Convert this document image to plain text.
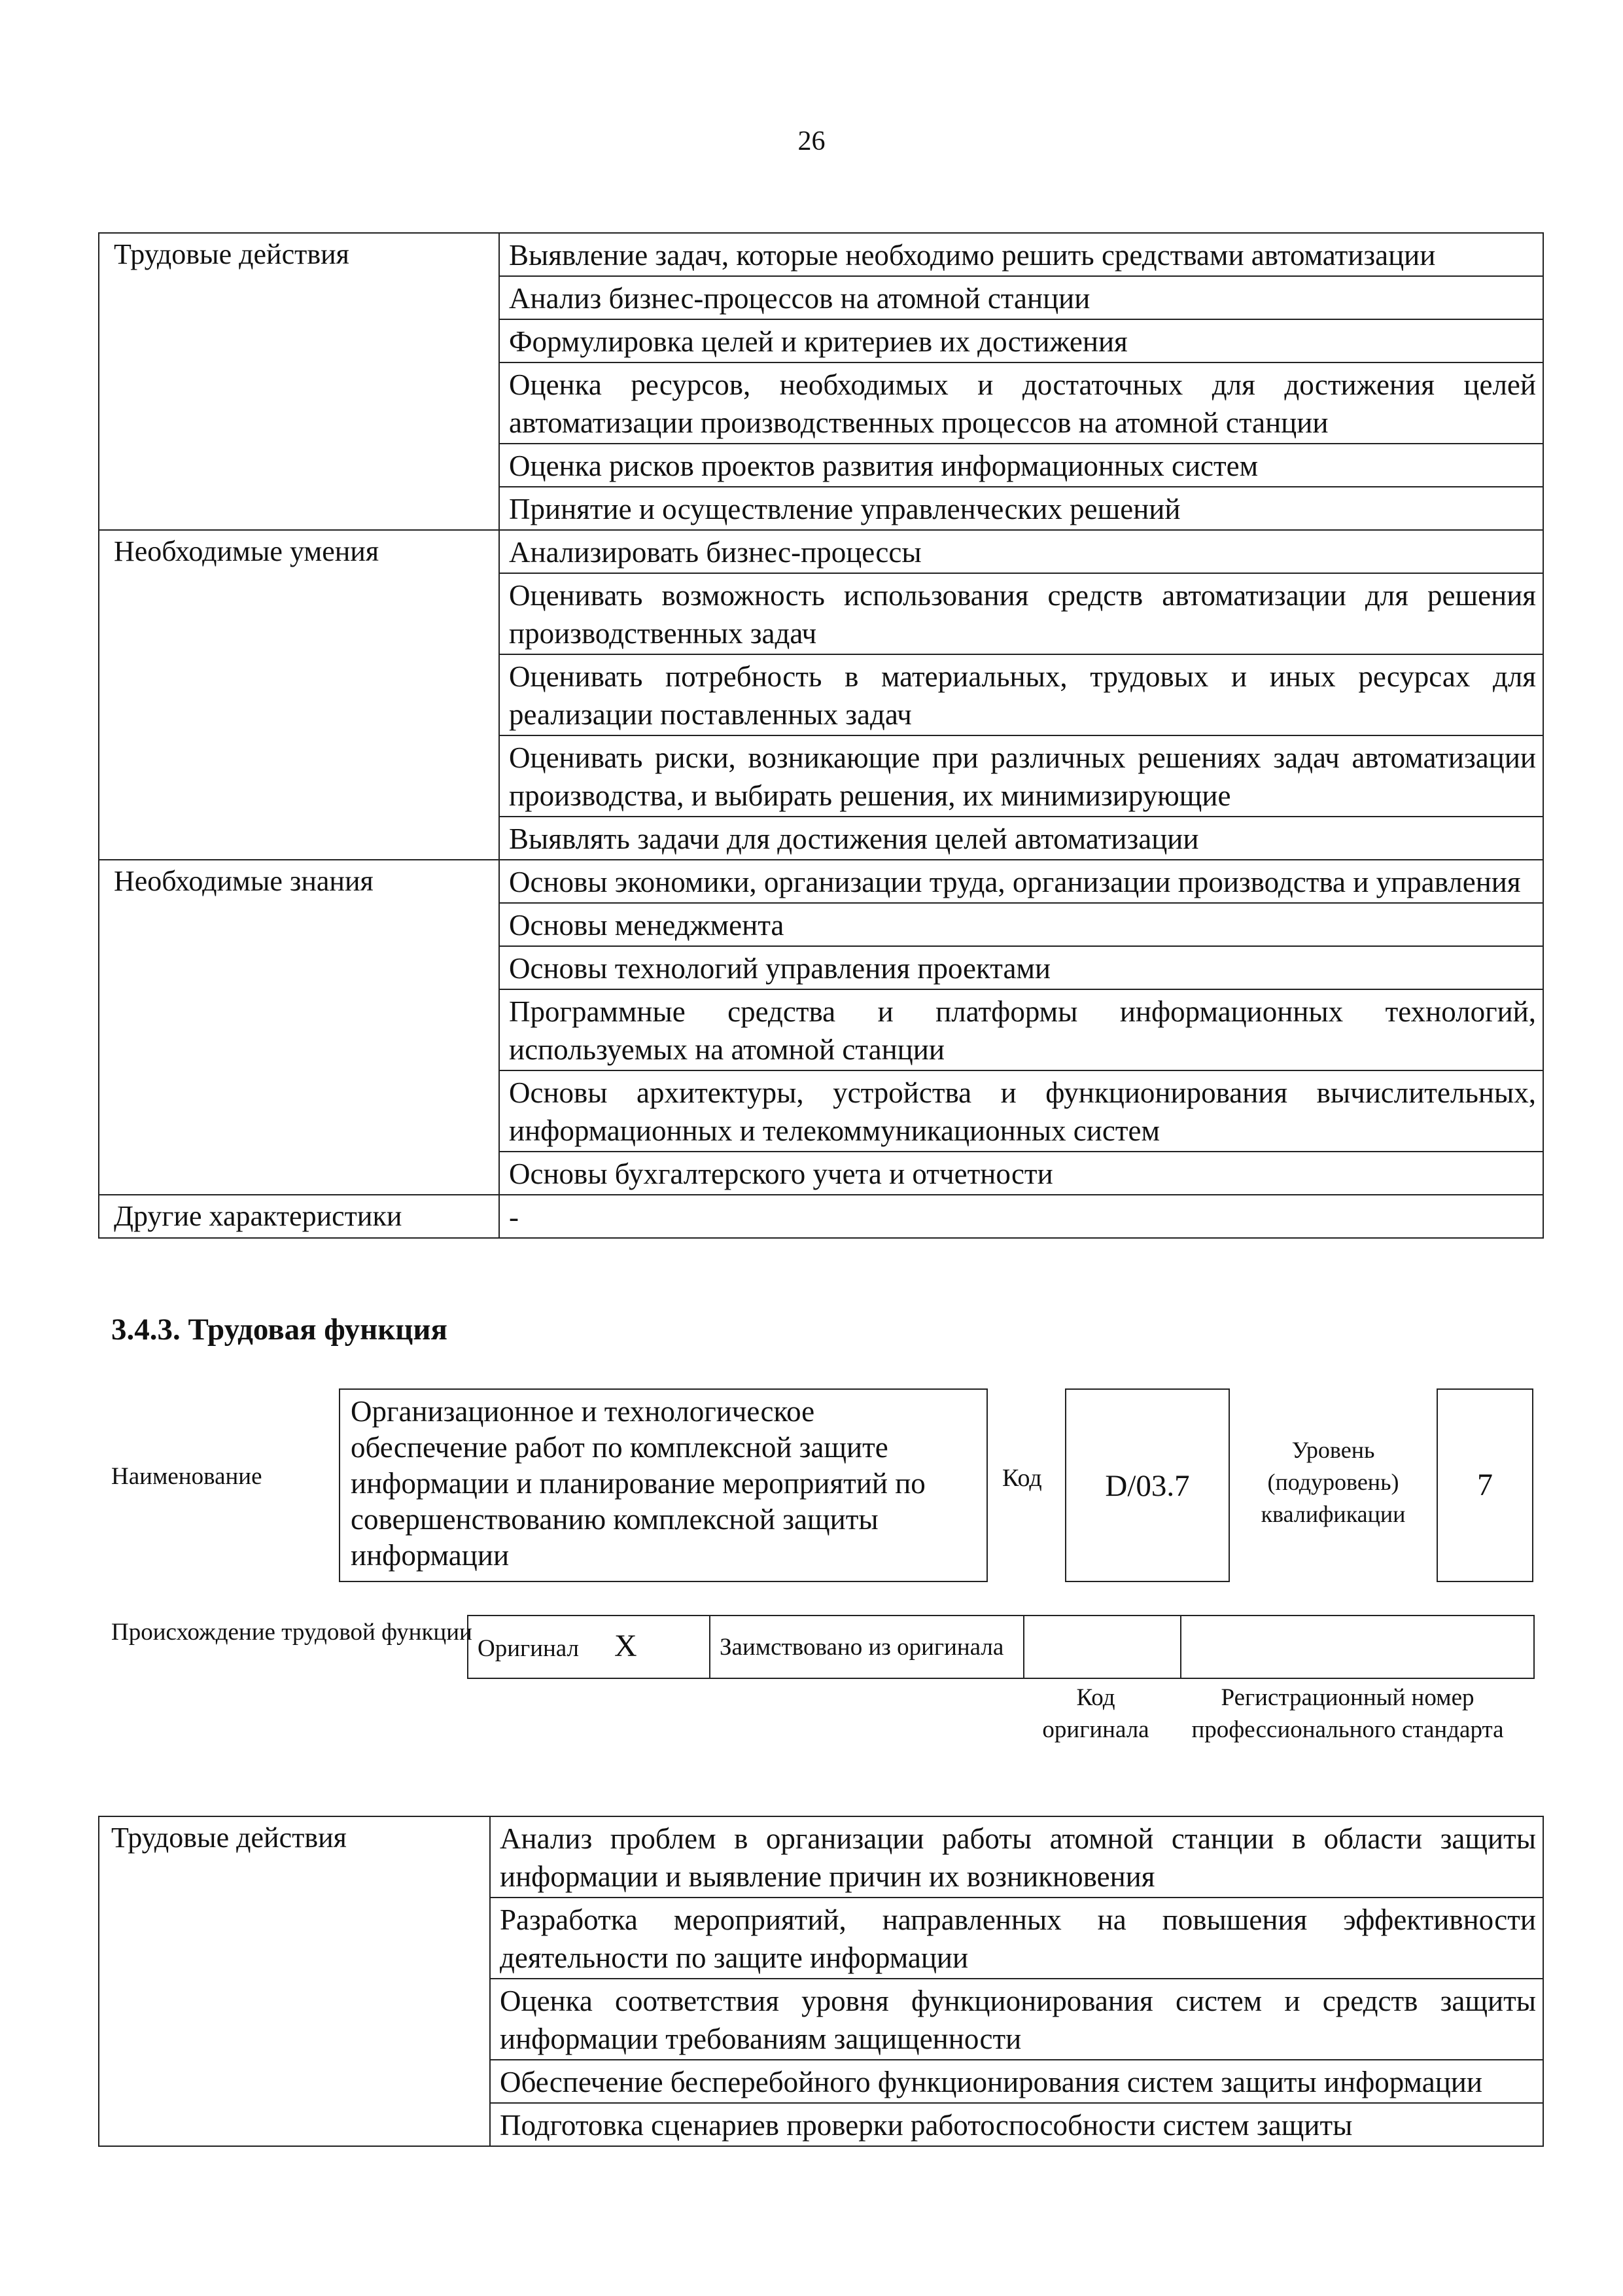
26
Трудовые действия	Выявление задач, которые необходимо решить средствами автоматизации
	Анализ бизнес-процессов на атомной станции
	Формулировка целей и критериев их достижения
	Оценка ресурсов, необходимых и достаточных для достижения целей автоматизации производственных процессов на атомной станции
	Оценка рисков проектов развития информационных систем
	Принятие и осуществление управленческих решений
Необходимые умения	Анализировать бизнес-процессы
	Оценивать возможность использования средств автоматизации для решения производственных задач
	Оценивать потребность в материальных, трудовых и иных ресурсах для реализации поставленных задач
	Оценивать риски, возникающие при различных решениях задач автоматизации производства, и выбирать решения, их минимизирующие
	Выявлять задачи для достижения целей автоматизации
Необходимые знания	Основы экономики, организации труда, организации производства и управления
	Основы менеджмента
	Основы технологий управления проектами
	Программные средства и платформы информационных технологий, используемых на атомной станции
	Основы архитектуры, устройства и функционирования вычислительных, информационных и телекоммуникационных систем
	Основы бухгалтерского учета и отчетности
Другие характеристики	-
3.4.3. Трудовая функция
Наименование
Организационное и технологическое обеспечение работ по комплексной защите информации и планирование мероприятий по совершенствованию комплексной защиты информации
Код	D/03.7
Уровень (подуровень) квалификации
7
Происхождение трудовой функции
Оригинал X	Заимствовано из оригинала		
Код оригинала
Регистрационный номер профессионального стандарта
Трудовые действия	Анализ проблем в организации работы атомной станции в области защиты информации и выявление причин их возникновения
Разработка мероприятий, направленных на повышения эффективности деятельности по защите информации
Оценка соответствия уровня функционирования систем и средств защиты информации требованиям защищенности
Обеспечение бесперебойного функционирования систем защиты информации
Подготовка сценариев проверки работоспособности систем защиты
